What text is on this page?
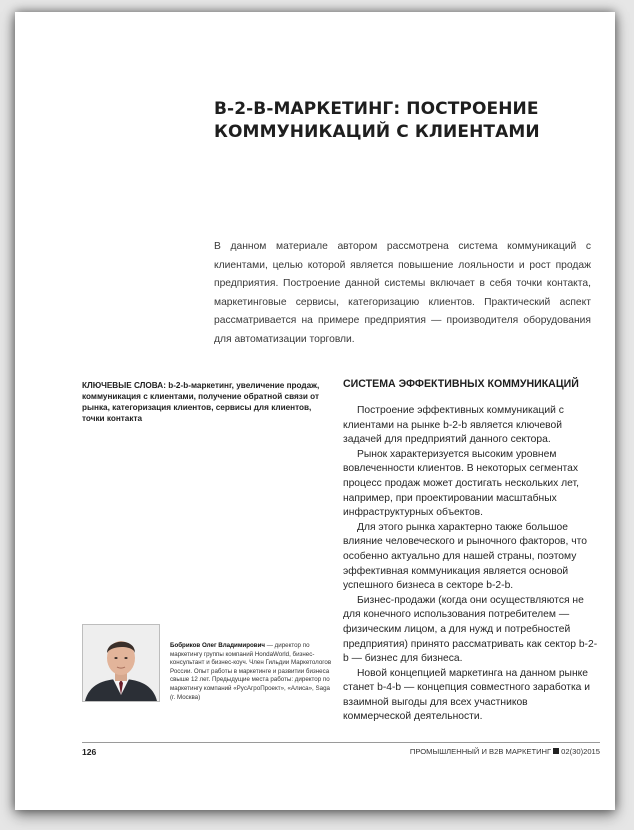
B-2-B-МАРКЕТИНГ: ПОСТРОЕНИЕ
КОММУНИКАЦИЙ С КЛИЕНТАМИ
В данном материале автором рассмотрена система коммуникаций с клиентами, целью которой является повышение лояльности и рост продаж предприятия. Построение данной системы включает в себя точки контакта, маркетинговые сервисы, категоризацию клиентов. Практический аспект рассматривается на примере предприятия — производителя оборудования для автоматизации торговли.
КЛЮЧЕВЫЕ СЛОВА: b-2-b-маркетинг, увеличение продаж, коммуникация с клиентами, получение обратной связи от рынка, категоризация клиентов, сервисы для клиентов, точки контакта
СИСТЕМА ЭФФЕКТИВНЫХ КОММУНИКАЦИЙ

Построение эффективных коммуникаций с клиентами на рынке b-2-b является ключевой задачей для предприятий данного сектора.

Рынок характеризуется высоким уровнем вовлеченности клиентов. В некоторых сегментах процесс продаж может достигать нескольких лет, например, при проектировании масштабных инфраструктурных объектов.

Для этого рынка характерно также большое влияние человеческого и рыночного факторов, что особенно актуально для нашей страны, поэтому эффективная коммуникация является основой успешного бизнеса в секторе b-2-b.

Бизнес-продажи (когда они осуществляются не для конечного использования потребителем — физическим лицом, а для нужд и потребностей предприятия) принято рассматривать как сектор b-2-b — бизнес для бизнеса.

Новой концепцией маркетинга на данном рынке станет b-4-b — концепция совместного заработка и взаимной выгоды для всех участников коммерческой деятельности.

Бобриков Олег Владимирович — директор по маркетингу группы компаний HondaWorld, бизнес-консультант и бизнес-коуч. Член Гильдии Маркетологов России. Опыт работы в маркетинге и развитии бизнеса свыше 12 лет. Предыдущие места работы: директор по маркетингу компаний «РусАгроПроект», «Алиса», Saga (г. Москва)
126	ПРОМЫШЛЕННЫЙ И B2B МАРКЕТИНГ 02(30)2015
